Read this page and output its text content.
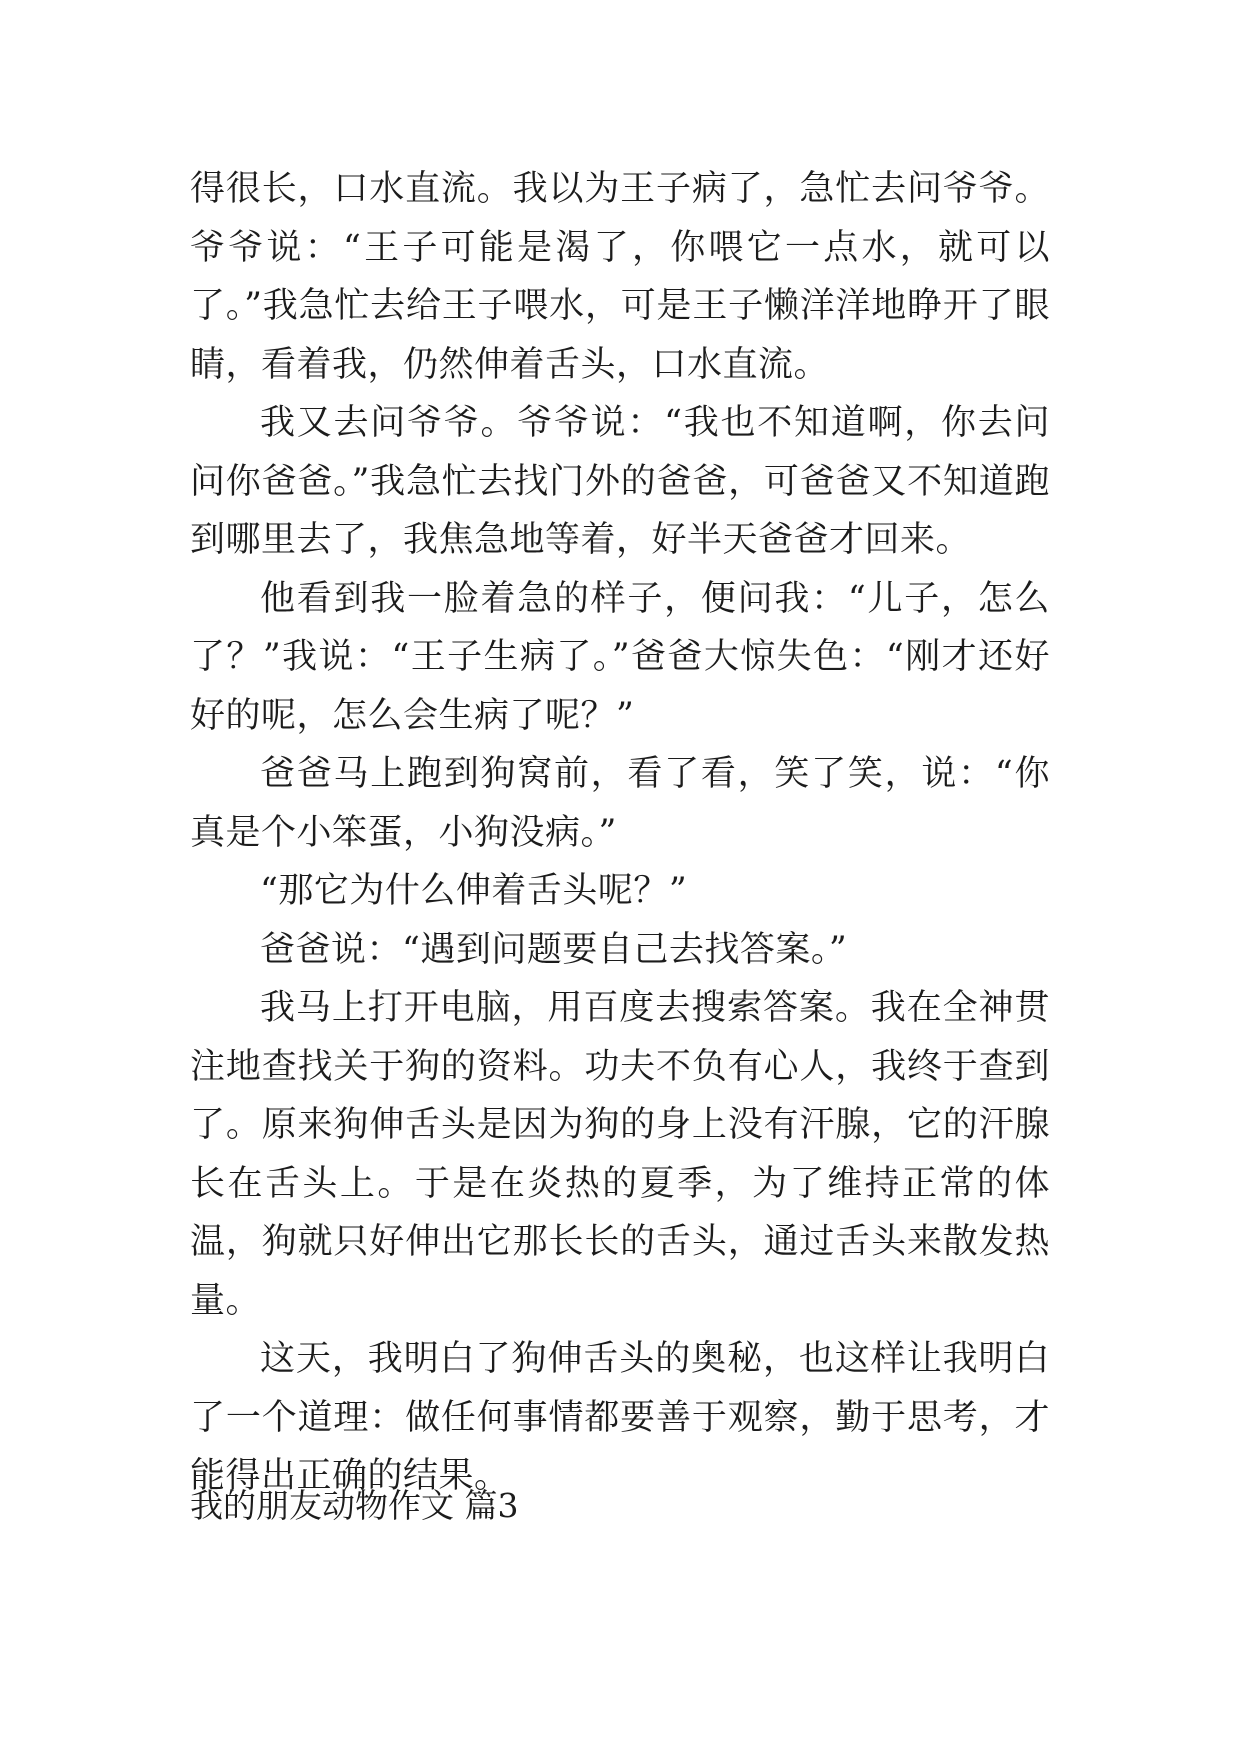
得很长，口水直流。我以为王子病了，急忙去问爷爷。爷爷说：“王子可能是渴了，你喂它一点水，就可以了。”我急忙去给王子喂水，可是王子懒洋洋地睁开了眼睛，看着我，仍然伸着舌头，口水直流。

我又去问爷爷。爷爷说：“我也不知道啊，你去问问你爸爸。”我急忙去找门外的爸爸，可爸爸又不知道跑到哪里去了，我焦急地等着，好半天爸爸才回来。

他看到我一脸着急的样子，便问我：“儿子，怎么了？”我说：“王子生病了。”爸爸大惊失色：“刚才还好好的呢，怎么会生病了呢？”

爸爸马上跑到狗窝前，看了看，笑了笑，说：“你真是个小笨蛋，小狗没病。”

“那它为什么伸着舌头呢？”

爸爸说：“遇到问题要自己去找答案。”

我马上打开电脑，用百度去搜索答案。我在全神贯注地查找关于狗的资料。功夫不负有心人，我终于查到了。原来狗伸舌头是因为狗的身上没有汗腺，它的汗腺长在舌头上。于是在炎热的夏季，为了维持正常的体温，狗就只好伸出它那长长的舌头，通过舌头来散发热量。

这天，我明白了狗伸舌头的奥秘，也这样让我明白了一个道理：做任何事情都要善于观察，勤于思考，才能得出正确的结果。

我的朋友动物作文 篇3
